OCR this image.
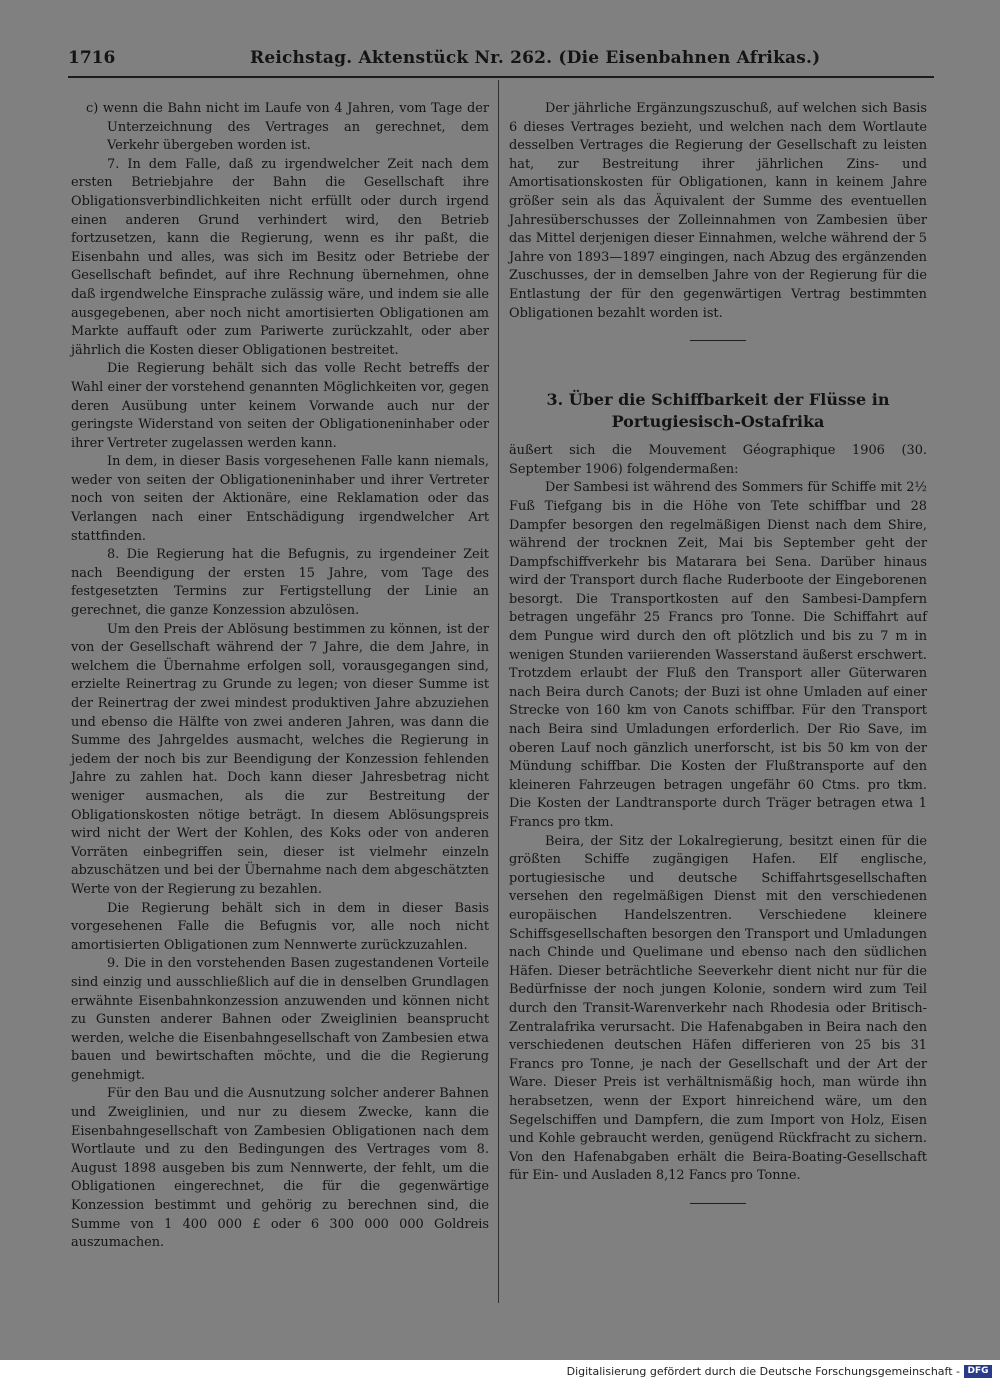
1716	Reichstag. Aktenstück Nr. 262. (Die Eisenbahnen Afrikas.)

c) wenn die Bahn nicht im Laufe von 4 Jahren, vom Tage der Unterzeichnung des Vertrages an gerechnet, dem Verkehr übergeben worden ist.

7. In dem Falle, daß zu irgendwelcher Zeit nach dem ersten Betriebjahre der Bahn die Gesellschaft ihre Obligationsverbindlichkeiten nicht erfüllt oder durch irgend einen anderen Grund verhindert wird, den Betrieb fortzusetzen, kann die Regierung, wenn es ihr paßt, die Eisenbahn und alles, was sich im Besitz oder Betriebe der Gesellschaft befindet, auf ihre Rechnung übernehmen, ohne daß irgendwelche Einsprache zulässig wäre, und indem sie alle ausgegebenen, aber noch nicht amortisierten Obligationen am Markte auffauft oder zum Pariwerte zurückzahlt, oder aber jährlich die Kosten dieser Obligationen bestreitet.

Die Regierung behält sich das volle Recht betreffs der Wahl einer der vorstehend genannten Möglichkeiten vor, gegen deren Ausübung unter keinem Vorwande auch nur der geringste Widerstand von seiten der Obligationeninhaber oder ihrer Vertreter zugelassen werden kann.

In dem, in dieser Basis vorgesehenen Falle kann niemals, weder von seiten der Obligationeninhaber und ihrer Vertreter noch von seiten der Aktionäre, eine Reklamation oder das Verlangen nach einer Entschädigung irgendwelcher Art stattfinden.

8. Die Regierung hat die Befugnis, zu irgendeiner Zeit nach Beendigung der ersten 15 Jahre, vom Tage des festgesetzten Termins zur Fertigstellung der Linie an gerechnet, die ganze Konzession abzulösen.

Um den Preis der Ablösung bestimmen zu können, ist der von der Gesellschaft während der 7 Jahre, die dem Jahre, in welchem die Übernahme erfolgen soll, vorausgegangen sind, erzielte Reinertrag zu Grunde zu legen; von dieser Summe ist der Reinertrag der zwei mindest produktiven Jahre abzuziehen und ebenso die Hälfte von zwei anderen Jahren, was dann die Summe des Jahrgeldes ausmacht, welches die Regierung in jedem der noch bis zur Beendigung der Konzession fehlenden Jahre zu zahlen hat. Doch kann dieser Jahresbetrag nicht weniger ausmachen, als die zur Bestreitung der Obligationskosten nötige beträgt. In diesem Ablösungspreis wird nicht der Wert der Kohlen, des Koks oder von anderen Vorräten einbegriffen sein, dieser ist vielmehr einzeln abzuschätzen und bei der Übernahme nach dem abgeschätzten Werte von der Regierung zu bezahlen.

Die Regierung behält sich in dem in dieser Basis vorgesehenen Falle die Befugnis vor, alle noch nicht amortisierten Obligationen zum Nennwerte zurückzuzahlen.

9. Die in den vorstehenden Basen zugestandenen Vorteile sind einzig und ausschließlich auf die in denselben Grundlagen erwähnte Eisenbahnkonzession anzuwenden und können nicht zu Gunsten anderer Bahnen oder Zweiglinien beansprucht werden, welche die Eisenbahngesellschaft von Zambesien etwa bauen und bewirtschaften möchte, und die die Regierung genehmigt.

Für den Bau und die Ausnutzung solcher anderer Bahnen und Zweiglinien, und nur zu diesem Zwecke, kann die Eisenbahngesellschaft von Zambesien Obligationen nach dem Wortlaute und zu den Bedingungen des Vertrages vom 8. August 1898 ausgeben bis zum Nennwerte, der fehlt, um die Obligationen eingerechnet, die für die gegenwärtige Konzession bestimmt und gehörig zu berechnen sind, die Summe von 1 400 000 £ oder 6 300 000 000 Goldreis auszumachen.

Der jährliche Ergänzungszuschuß, auf welchen sich Basis 6 dieses Vertrages bezieht, und welchen nach dem Wortlaute desselben Vertrages die Regierung der Gesellschaft zu leisten hat, zur Bestreitung ihrer jährlichen Zins- und Amortisationskosten für Obligationen, kann in keinem Jahre größer sein als das Äquivalent der Summe des eventuellen Jahresüberschusses der Zolleinnahmen von Zambesien über das Mittel derjenigen dieser Einnahmen, welche während der 5 Jahre von 1893—1897 eingingen, nach Abzug des ergänzenden Zuschusses, der in demselben Jahre von der Regierung für die Entlastung der für den gegenwärtigen Vertrag bestimmten Obligationen bezahlt worden ist.

3. Über die Schiffbarkeit der Flüsse in Portugiesisch-Ostafrika

äußert sich die Mouvement Géographique 1906 (30. September 1906) folgendermaßen:

Der Sambesi ist während des Sommers für Schiffe mit 2½ Fuß Tiefgang bis in die Höhe von Tete schiffbar und 28 Dampfer besorgen den regelmäßigen Dienst nach dem Shire, während der trocknen Zeit, Mai bis September geht der Dampfschiffverkehr bis Matarara bei Sena. Darüber hinaus wird der Transport durch flache Ruderboote der Eingeborenen besorgt. Die Transportkosten auf den Sambesi-Dampfern betragen ungefähr 25 Francs pro Tonne. Die Schiffahrt auf dem Pungue wird durch den oft plötzlich und bis zu 7 m in wenigen Stunden variierenden Wasserstand äußerst erschwert. Trotzdem erlaubt der Fluß den Transport aller Güterwaren nach Beira durch Canots; der Buzi ist ohne Umladen auf einer Strecke von 160 km von Canots schiffbar. Für den Transport nach Beira sind Umladungen erforderlich. Der Rio Save, im oberen Lauf noch gänzlich unerforscht, ist bis 50 km von der Mündung schiffbar. Die Kosten der Flußtransporte auf den kleineren Fahrzeugen betragen ungefähr 60 Ctms. pro tkm. Die Kosten der Landtransporte durch Träger betragen etwa 1 Francs pro tkm.

Beira, der Sitz der Lokalregierung, besitzt einen für die größten Schiffe zugängigen Hafen. Elf englische, portugiesische und deutsche Schiffahrtsgesellschaften versehen den regelmäßigen Dienst mit den verschiedenen europäischen Handelszentren. Verschiedene kleinere Schiffsgesellschaften besorgen den Transport und Umladungen nach Chinde und Quelimane und ebenso nach den südlichen Häfen. Dieser beträchtliche Seeverkehr dient nicht nur für die Bedürfnisse der noch jungen Kolonie, sondern wird zum Teil durch den Transit-Warenverkehr nach Rhodesia oder Britisch-Zentralafrika verursacht. Die Hafenabgaben in Beira nach den verschiedenen deutschen Häfen differieren von 25 bis 31 Francs pro Tonne, je nach der Gesellschaft und der Art der Ware. Dieser Preis ist verhältnismäßig hoch, man würde ihn herabsetzen, wenn der Export hinreichend wäre, um den Segelschiffen und Dampfern, die zum Import von Holz, Eisen und Kohle gebraucht werden, genügend Rückfracht zu sichern. Von den Hafenabgaben erhält die Beira-Boating-Gesellschaft für Ein- und Ausladen 8,12 Fancs pro Tonne.

Digitalisierung gefördert durch die Deutsche Forschungsgemeinschaft - DFG
